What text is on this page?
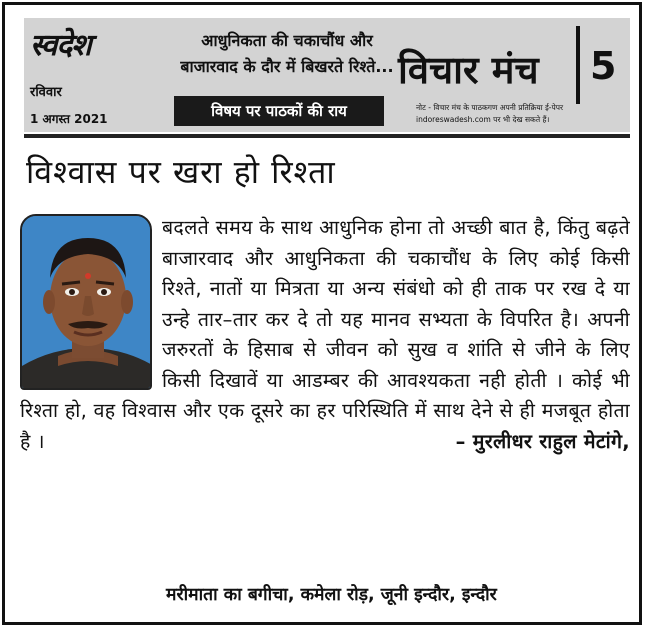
स्वदेश
रविवार
1 अगस्त 2021
आधुनिकता की चकाचौंध और
बाजारवाद के दौर में बिखरते रिश्ते...
विषय पर पाठकों की राय
विचार मंच 5
नोट - विचार मंच के पाठकगण अपनी प्रतिक्रिया ई-पेपर
indoreswadesh.com पर भी देख सकते हैं।
विश्वास पर खरा हो रिश्ता
बदलते समय के साथ आधुनिक होना तो अच्छी बात है, किंतु बढ़ते बाजारवाद और आधुनिकता की चकाचौंध के लिए कोई किसी रिश्ते, नातों या मित्रता या अन्य संबंधो को ही ताक पर रख दे या उन्हे तार–तार कर दे तो यह मानव सभ्यता के विपरित है। अपनी जरुरतों के हिसाब से जीवन को सुख व शांति से जीने के लिए किसी दिखावें या आडम्बर की आवश्यकता नही होती । कोई भी रिश्ता हो, वह विश्वास और एक दूसरे का हर परिस्थिति में साथ देने से ही मजबूत होता है ।	– मुरलीधर राहुल मेटांगे,
मरीमाता का बगीचा, कमेला रोड़, जूनी इन्दौर, इन्दौर
